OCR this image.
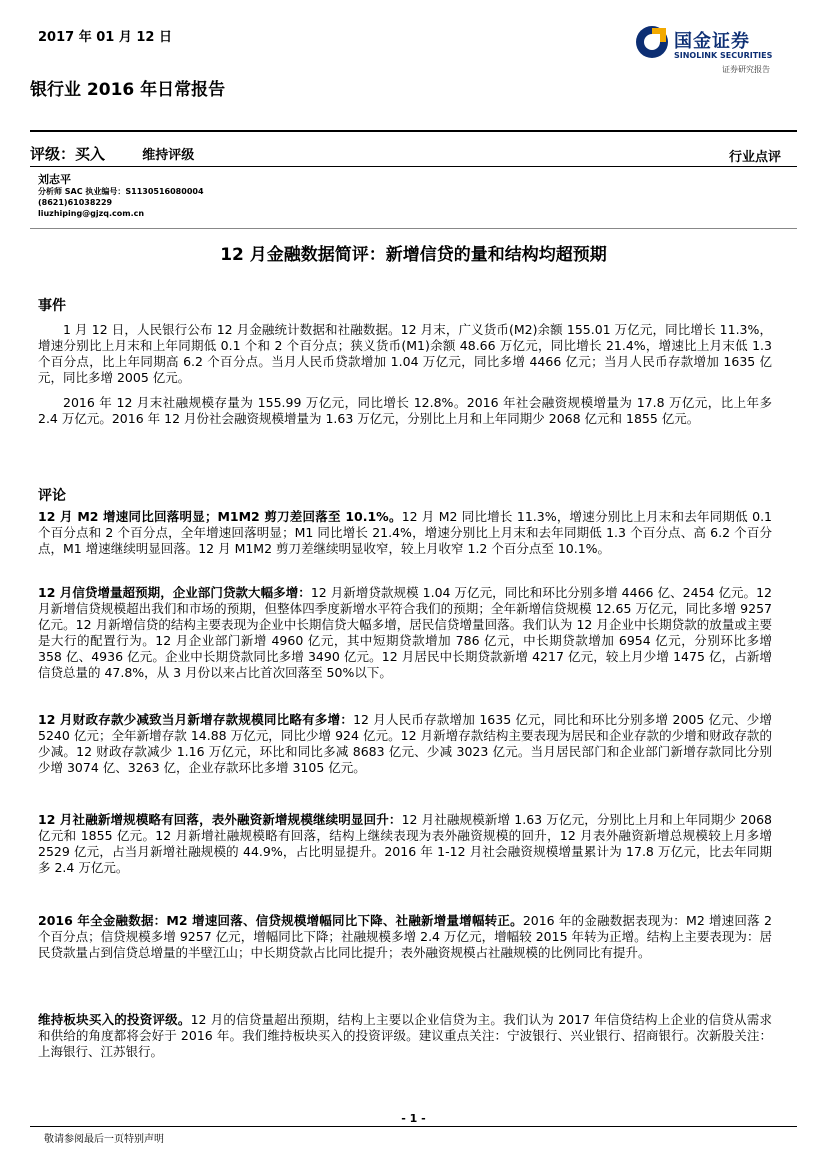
2017 年 01 月 12 日	国金证券
SINOLINK SECURITIES
证券研究报告
银行业 2016 年日常报告
评级：买入	维持评级	行业点评
刘志平
分析师 SAC 执业编号：S1130516080004
(8621)61038229
liuzhiping@gjzq.com.cn
12 月金融数据简评：新增信贷的量和结构均超预期
事件

1 月 12 日，人民银行公布 12 月金融统计数据和社融数据。12 月末，广义货币(M2)余额 155.01 万亿元，同比增长 11.3%，增速分别比上月末和上年同期低 0.1 个和 2 个百分点；狭义货币(M1)余额 48.66 万亿元，同比增长 21.4%，增速比上月末低 1.3 个百分点，比上年同期高 6.2 个百分点。当月人民币贷款增加 1.04 万亿元，同比多增 4466 亿元；当月人民币存款增加 1635 亿元，同比多增 2005 亿元。

2016 年 12 月末社融规模存量为 155.99 万亿元，同比增长 12.8%。2016 年社会融资规模增量为 17.8 万亿元，比上年多 2.4 万亿元。2016 年 12 月份社会融资规模增量为 1.63 万亿元，分别比上月和上年同期少 2068 亿元和 1855 亿元。

评论

12 月 M2 增速同比回落明显；M1M2 剪刀差回落至 10.1%。12 月 M2 同比增长 11.3%，增速分别比上月末和去年同期低 0.1 个百分点和 2 个百分点，全年增速回落明显；M1 同比增长 21.4%，增速分别比上月末和去年同期低 1.3 个百分点、高 6.2 个百分点，M1 增速继续明显回落。12 月 M1M2 剪刀差继续明显收窄，较上月收窄 1.2 个百分点至 10.1%。

12 月信贷增量超预期，企业部门贷款大幅多增：12 月新增贷款规模 1.04 万亿元，同比和环比分别多增 4466 亿、2454 亿元。12 月新增信贷规模超出我们和市场的预期，但整体四季度新增水平符合我们的预期；全年新增信贷规模 12.65 万亿元，同比多增 9257 亿元。12 月新增信贷的结构主要表现为企业中长期信贷大幅多增，居民信贷增量回落。我们认为 12 月企业中长期贷款的放量或主要是大行的配置行为。12 月企业部门新增 4960 亿元，其中短期贷款增加 786 亿元，中长期贷款增加 6954 亿元，分别环比多增 358 亿、4936 亿元。企业中长期贷款同比多增 3490 亿元。12 月居民中长期贷款新增 4217 亿元，较上月少增 1475 亿，占新增信贷总量的 47.8%，从 3 月份以来占比首次回落至 50%以下。

12 月财政存款少减致当月新增存款规模同比略有多增：12 月人民币存款增加 1635 亿元，同比和环比分别多增 2005 亿元、少增 5240 亿元；全年新增存款 14.88 万亿元，同比少增 924 亿元。12 月新增存款结构主要表现为居民和企业存款的少增和财政存款的少减。12 财政存款减少 1.16 万亿元，环比和同比多减 8683 亿元、少减 3023 亿元。当月居民部门和企业部门新增存款同比分别少增 3074 亿、3263 亿，企业存款环比多增 3105 亿元。

12 月社融新增规模略有回落，表外融资新增规模继续明显回升：12 月社融规模新增 1.63 万亿元，分别比上月和上年同期少 2068 亿元和 1855 亿元。12 月新增社融规模略有回落，结构上继续表现为表外融资规模的回升，12 月表外融资新增总规模较上月多增 2529 亿元，占当月新增社融规模的 44.9%，占比明显提升。2016 年 1-12 月社会融资规模增量累计为 17.8 万亿元，比去年同期多 2.4 万亿元。

2016 年全金融数据：M2 增速回落、信贷规模增幅同比下降、社融新增量增幅转正。2016 年的金融数据表现为：M2 增速回落 2 个百分点；信贷规模多增 9257 亿元，增幅同比下降；社融规模多增 2.4 万亿元，增幅较 2015 年转为正增。结构上主要表现为：居民贷款量占到信贷总增量的半壁江山；中长期贷款占比同比提升；表外融资规模占社融规模的比例同比有提升。

维持板块买入的投资评级。12 月的信贷量超出预期，结构上主要以企业信贷为主。我们认为 2017 年信贷结构上企业的信贷从需求和供给的角度都将会好于 2016 年。我们维持板块买入的投资评级。建议重点关注：宁波银行、兴业银行、招商银行。次新股关注：上海银行、江苏银行。

- 1 -
敬请参阅最后一页特别声明
